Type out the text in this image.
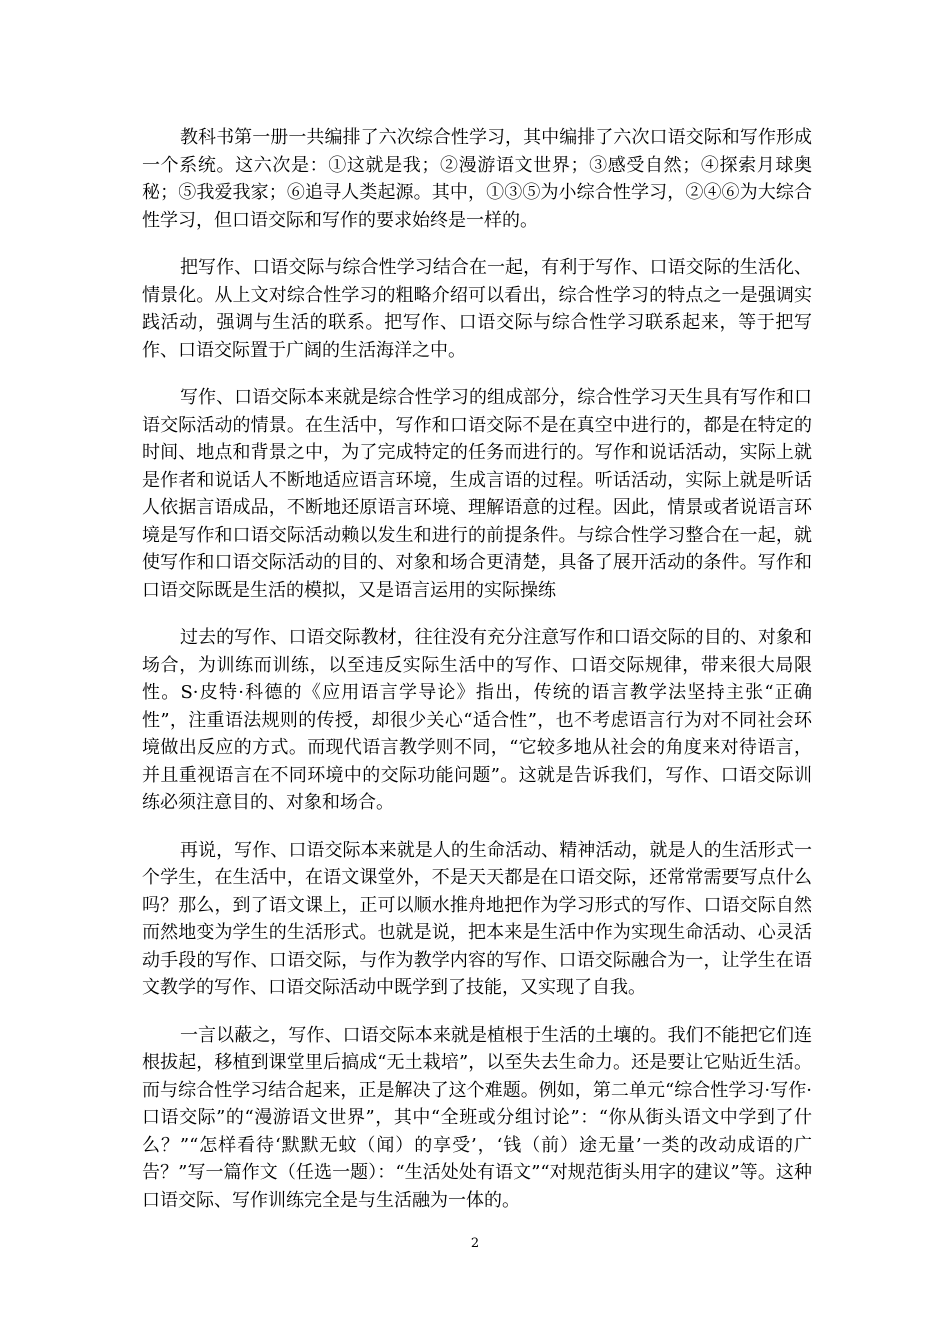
教科书第一册一共编排了六次综合性学习，其中编排了六次口语交际和写作形成一个系统。这六次是：①这就是我；②漫游语文世界；③感受自然；④探索月球奥秘；⑤我爱我家；⑥追寻人类起源。其中，①③⑤为小综合性学习，②④⑥为大综合性学习，但口语交际和写作的要求始终是一样的。

把写作、口语交际与综合性学习结合在一起，有利于写作、口语交际的生活化、情景化。从上文对综合性学习的粗略介绍可以看出，综合性学习的特点之一是强调实践活动，强调与生活的联系。把写作、口语交际与综合性学习联系起来，等于把写作、口语交际置于广阔的生活海洋之中。

写作、口语交际本来就是综合性学习的组成部分，综合性学习天生具有写作和口语交际活动的情景。在生活中，写作和口语交际不是在真空中进行的，都是在特定的时间、地点和背景之中，为了完成特定的任务而进行的。写作和说话活动，实际上就是作者和说话人不断地适应语言环境，生成言语的过程。听话活动，实际上就是听话人依据言语成品，不断地还原语言环境、理解语意的过程。因此，情景或者说语言环境是写作和口语交际活动赖以发生和进行的前提条件。与综合性学习整合在一起，就使写作和口语交际活动的目的、对象和场合更清楚，具备了展开活动的条件。写作和口语交际既是生活的模拟，又是语言运用的实际操练

过去的写作、口语交际教材，往往没有充分注意写作和口语交际的目的、对象和场合，为训练而训练，以至违反实际生活中的写作、口语交际规律，带来很大局限性。S·皮特·科德的《应用语言学导论》指出，传统的语言教学法坚持主张“正确性”，注重语法规则的传授，却很少关心“适合性”，也不考虑语言行为对不同社会环境做出反应的方式。而现代语言教学则不同，“它较多地从社会的角度来对待语言，并且重视语言在不同环境中的交际功能问题”。这就是告诉我们，写作、口语交际训练必须注意目的、对象和场合。

再说，写作、口语交际本来就是人的生命活动、精神活动，就是人的生活形式一个学生，在生活中，在语文课堂外，不是天天都是在口语交际，还常常需要写点什么吗？那么，到了语文课上，正可以顺水推舟地把作为学习形式的写作、口语交际自然而然地变为学生的生活形式。也就是说，把本来是生活中作为实现生命活动、心灵活动手段的写作、口语交际，与作为教学内容的写作、口语交际融合为一，让学生在语文教学的写作、口语交际活动中既学到了技能，又实现了自我。

一言以蔽之，写作、口语交际本来就是植根于生活的土壤的。我们不能把它们连根拔起，移植到课堂里后搞成“无土栽培”，以至失去生命力。还是要让它贴近生活。而与综合性学习结合起来，正是解决了这个难题。例如，第二单元“综合性学习·写作·口语交际”的“漫游语文世界”，其中“全班或分组讨论”：“你从街头语文中学到了什么？”“怎样看待‘默默无蚊（闻）的享受’，‘钱（前）途无量’一类的改动成语的广告？”写一篇作文（任选一题）：“生活处处有语文”“对规范街头用字的建议”等。这种口语交际、写作训练完全是与生活融为一体的。

2
